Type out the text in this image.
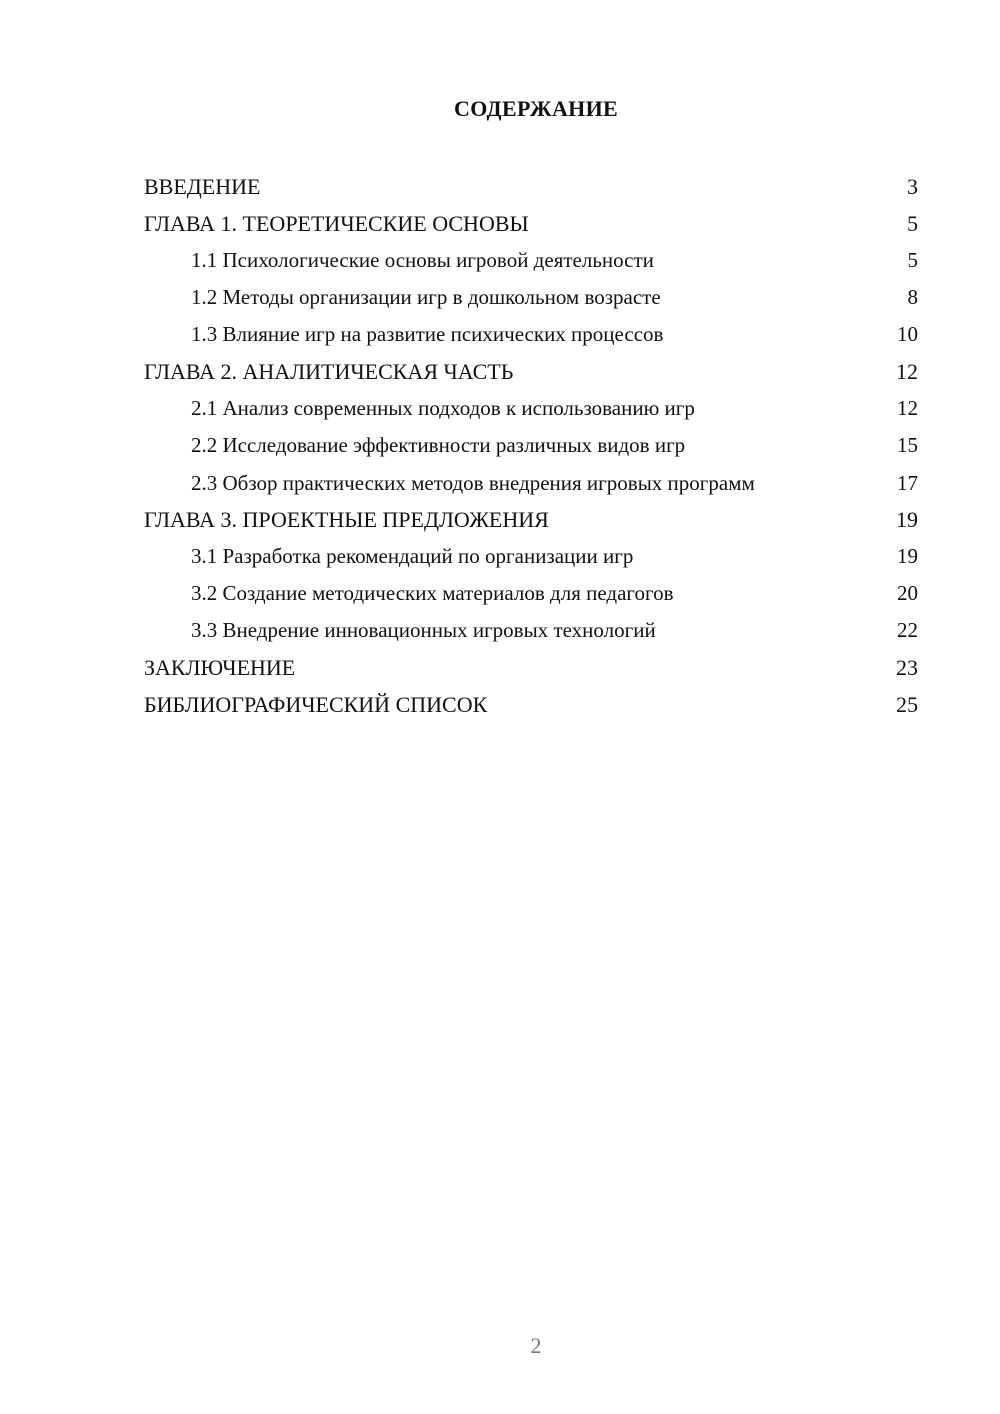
СОДЕРЖАНИЕ
ВВЕДЕНИЕ	3
ГЛАВА 1. ТЕОРЕТИЧЕСКИЕ ОСНОВЫ	5
1.1 Психологические основы игровой деятельности	5
1.2 Методы организации игр в дошкольном возрасте	8
1.3 Влияние игр на развитие психических процессов	10
ГЛАВА 2. АНАЛИТИЧЕСКАЯ ЧАСТЬ	12
2.1 Анализ современных подходов к использованию игр	12
2.2 Исследование эффективности различных видов игр	15
2.3 Обзор практических методов внедрения игровых программ	17
ГЛАВА 3. ПРОЕКТНЫЕ ПРЕДЛОЖЕНИЯ	19
3.1 Разработка рекомендаций по организации игр	19
3.2 Создание методических материалов для педагогов	20
3.3 Внедрение инновационных игровых технологий	22
ЗАКЛЮЧЕНИЕ	23
БИБЛИОГРАФИЧЕСКИЙ СПИСОК	25
2
